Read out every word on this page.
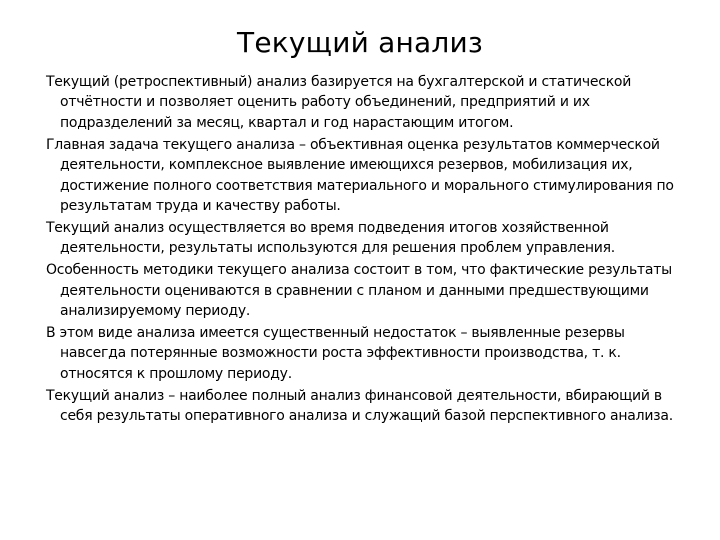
Текущий анализ

Текущий (ретроспективный) анализ базируется на бухгалтерской и статической отчётности и позволяет оценить работу объединений, предприятий и их подразделений за месяц, квартал и год нарастающим итогом.

Главная задача текущего анализа – объективная оценка результатов коммерческой деятельности, комплексное выявление имеющихся резервов, мобилизация их, достижение полного соответствия материального и морального стимулирования по результатам труда и качеству работы.

Текущий анализ осуществляется во время подведения итогов хозяйственной деятельности, результаты используются для решения проблем управления.

Особенность методики текущего анализа состоит в том, что фактические результаты деятельности оцениваются в сравнении с планом и данными предшествующими анализируемому периоду.

В этом виде анализа имеется существенный недостаток – выявленные резервы навсегда потерянные возможности роста эффективности производства, т. к. относятся к прошлому периоду.

Текущий анализ – наиболее полный анализ финансовой деятельности, вбирающий в себя результаты оперативного анализа и служащий базой перспективного анализа.
